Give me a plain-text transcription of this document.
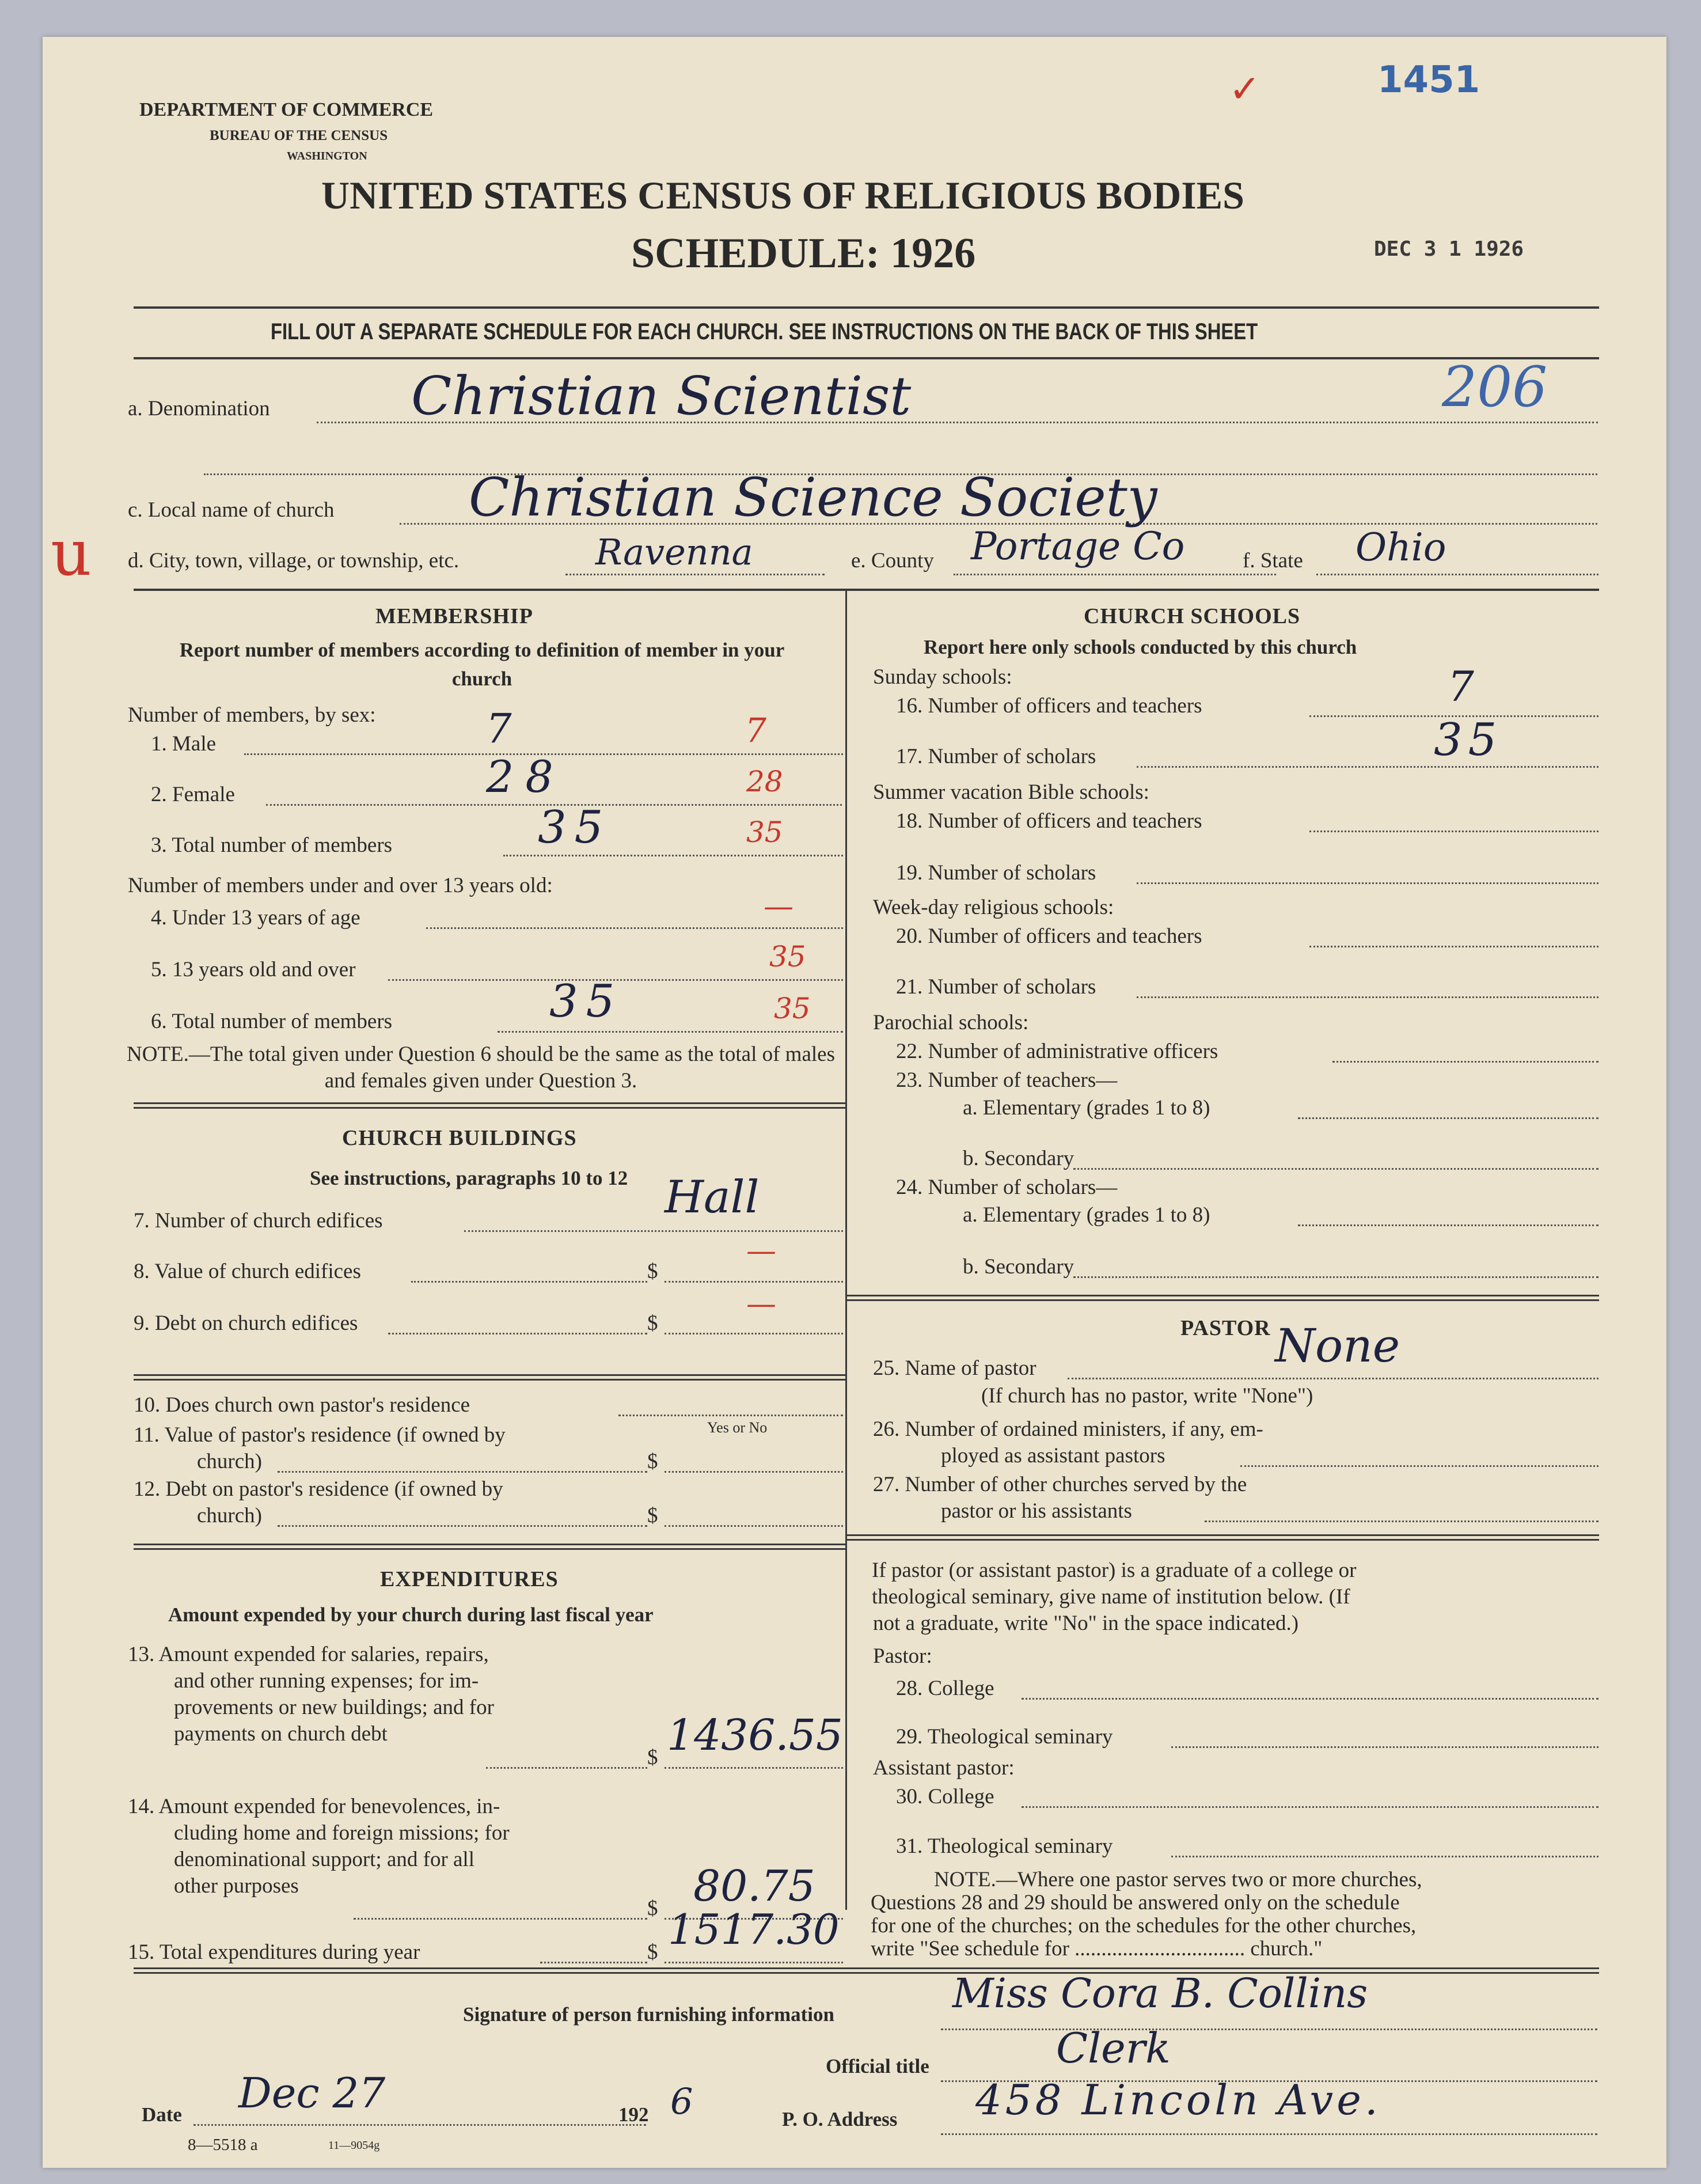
DEPARTMENT OF COMMERCE
BUREAU OF THE CENSUS
WASHINGTON
1451
✓
UNITED STATES CENSUS OF RELIGIOUS BODIES
SCHEDULE: 1926	DEC 3 1 1926
FILL OUT A SEPARATE SCHEDULE FOR EACH CHURCH. SEE INSTRUCTIONS ON THE BACK OF THIS SHEET
a. Denomination	Christian Scientist	206
c. Local name of church	Christian Science Society
u d. City, town, village, or township, etc.	Ravenna	e. County Portage Co	f. State Ohio
MEMBERSHIP
Report number of members according to definition of member in your church
Number of members, by sex:
1. Male	7	7
2. Female	28	28
3. Total number of members	35	35
Number of members under and over 13 years old:
4. Under 13 years of age	—
5. 13 years old and over	35
6. Total number of members	35	35
NOTE.—The total given under Question 6 should be the same as the total of males and females given under Question 3.
CHURCH BUILDINGS
See instructions, paragraphs 10 to 12
7. Number of church edifices	Hall
8. Value of church edifices	$
—
9. Debt on church edifices	$
—
10. Does church own pastor's residence
Yes or No
11. Value of pastor's residence (if owned by
church)	$
12. Debt on pastor's residence (if owned by
church)	$
EXPENDITURES
Amount expended by your church during last fiscal year
13. Amount expended for salaries, repairs,
and other running expenses; for im-
provements or new buildings; and for
payments on church debt
$ 1436.55
14. Amount expended for benevolences, in-
cluding home and foreign missions; for
denominational support; and for all
other purposes
$ 80.75
15. Total expenditures during year	$ 1517.30
CHURCH SCHOOLS
Report here only schools conducted by this church
Sunday schools:
16. Number of officers and teachers	7
17. Number of scholars	35
Summer vacation Bible schools:
18. Number of officers and teachers
19. Number of scholars
Week-day religious schools:
20. Number of officers and teachers
21. Number of scholars
Parochial schools:
22. Number of administrative officers
23. Number of teachers—
a. Elementary (grades 1 to 8)
b. Secondary
24. Number of scholars—
a. Elementary (grades 1 to 8)
b. Secondary
PASTOR
25. Name of pastor	None
(If church has no pastor, write "None")
26. Number of ordained ministers, if any, em-
ployed as assistant pastors
27. Number of other churches served by the
pastor or his assistants
If pastor (or assistant pastor) is a graduate of a college or
theological seminary, give name of institution below. (If
not a graduate, write "No" in the space indicated.)
Pastor:
28. College
29. Theological seminary
Assistant pastor:
30. College
31. Theological seminary
NOTE.—Where one pastor serves two or more churches,
Questions 28 and 29 should be answered only on the schedule
for one of the churches; on the schedules for the other churches,
write "See schedule for ................................ church."
Signature of person furnishing information	Miss Cora B. Collins
Official title	Clerk
Date Dec 27	192 6	P. O. Address 458 Lincoln Ave.
8—5518 a	11—9054g
